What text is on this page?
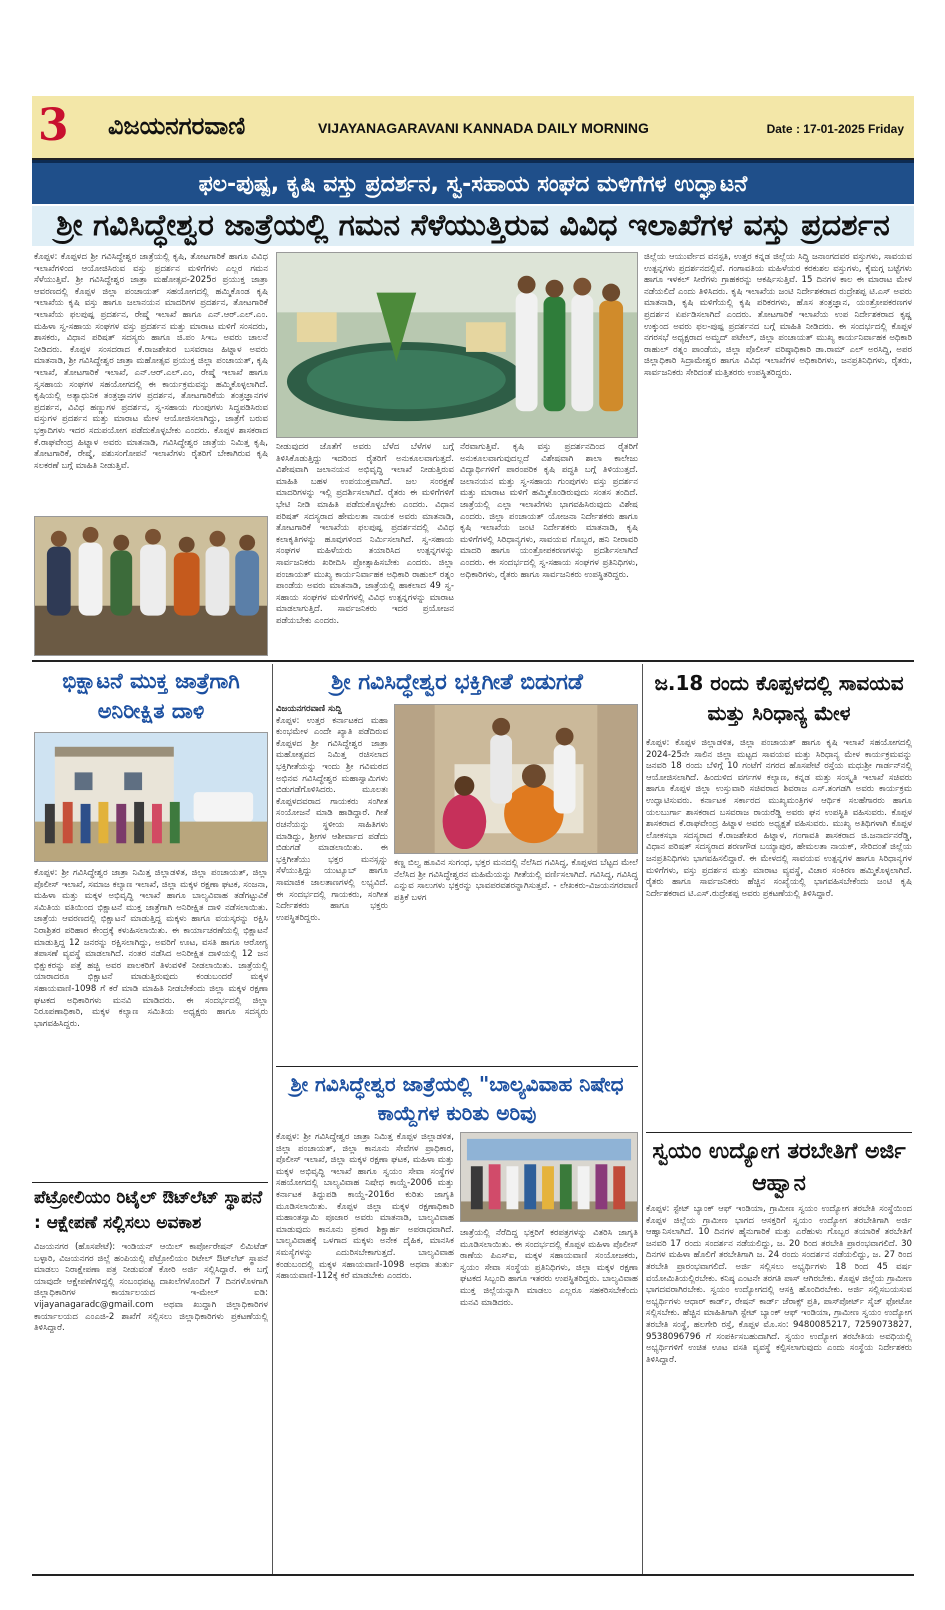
3 ವಿಜಯನಗರವಾಣಿ	VIJAYANAGARAVANI KANNADA DAILY MORNING	Date : 17-01-2025 Friday
ಫಲ-ಪುಷ್ಪ, ಕೃಷಿ ವಸ್ತು ಪ್ರದರ್ಶನ, ಸ್ವ-ಸಹಾಯ ಸಂಘದ ಮಳಿಗೆಗಳ ಉದ್ಘಾಟನೆ
ಶ್ರೀ ಗವಿಸಿದ್ಧೇಶ್ವರ ಜಾತ್ರೆಯಲ್ಲಿ ಗಮನ ಸೆಳೆಯುತ್ತಿರುವ ವಿವಿಧ ಇಲಾಖೆಗಳ ವಸ್ತು ಪ್ರದರ್ಶನ
ಕೊಪ್ಪಳ: ಕೊಪ್ಪಳದ ಶ್ರೀ ಗವಿಸಿದ್ಧೇಶ್ವರ ಜಾತ್ರೆಯಲ್ಲಿ ಕೃಷಿ, ತೋಟಗಾರಿಕೆ ಹಾಗೂ ವಿವಿಧ ಇಲಾಖೆಗಳಿಂದ ಆಯೋಜಿಸಿರುವ ವಸ್ತು ಪ್ರದರ್ಶನ ಮಳಿಗೆಗಳು ಎಲ್ಲರ ಗಮನ ಸೆಳೆಯುತ್ತಿವೆ. ಶ್ರೀ ಗವಿಸಿದ್ಧೇಶ್ವರ ಜಾತ್ರಾ ಮಹೋತ್ಸವ-2025ರ ಪ್ರಯುಕ್ತ ಜಾತ್ರಾ ಆವರಣದಲ್ಲಿ ಕೊಪ್ಪಳ ಜಿಲ್ಲಾ ಪಂಚಾಯತ್ ಸಹಯೋಗದಲ್ಲಿ ಹಮ್ಮಿಕೊಂಡ ಕೃಷಿ ಇಲಾಖೆಯ ಕೃಷಿ ವಸ್ತು ಹಾಗೂ ಜಲಾನಯನ ಮಾದರಿಗಳ ಪ್ರದರ್ಶನ, ತೋಟಗಾರಿಕೆ ಇಲಾಖೆಯ ಫಲಪುಷ್ಪ ಪ್ರದರ್ಶನ, ರೇಷ್ಮೆ ಇಲಾಖೆ ಹಾಗೂ ಎನ್.ಆರ್.ಎಲ್.ಎಂ. ಮಹಿಳಾ ಸ್ವ-ಸಹಾಯ ಸಂಘಗಳ ವಸ್ತು ಪ್ರದರ್ಶನ ಮತ್ತು ಮಾರಾಟ ಮಳಿಗೆ ಸಂಸದರು, ಶಾಸಕರು, ವಿಧಾನ ಪರಿಷತ್ ಸದಸ್ಯರು ಹಾಗೂ ಜಿ.ಪಂ ಸಿಇಒ ಅವರು ಚಾಲನೆ ನೀಡಿದರು. ಕೊಪ್ಪಳ ಸಂಸದರಾದ ಕೆ.ರಾಜಶೇಖರ ಬಸವರಾಜ ಹಿಟ್ನಾಳ ಅವರು ಮಾತನಾಡಿ, ಶ್ರೀ ಗವಿಸಿದ್ಧೇಶ್ವರ ಜಾತ್ರಾ ಮಹೋತ್ಸವ ಪ್ರಯುಕ್ತ ಜಿಲ್ಲಾ ಪಂಚಾಯತ್, ಕೃಷಿ ಇಲಾಖೆ, ತೋಟಗಾರಿಕೆ ಇಲಾಖೆ, ಎನ್.ಆರ್.ಎಲ್.ಎಂ, ರೇಷ್ಮೆ ಇಲಾಖೆ ಹಾಗೂ ಸ್ವಸಹಾಯ ಸಂಘಗಳ ಸಹಯೋಗದಲ್ಲಿ ಈ ಕಾರ್ಯಕ್ರಮವನ್ನು ಹಮ್ಮಿಕೊಳ್ಳಲಾಗಿದೆ. ಕೃಷಿಯಲ್ಲಿ ಅತ್ಯಾಧುನಿಕ ತಂತ್ರಜ್ಞಾನಗಳ ಪ್ರದರ್ಶನ, ತೋಟಗಾರಿಕೆಯ ತಂತ್ರಜ್ಞಾನಗಳ ಪ್ರದರ್ಶನ, ವಿವಿಧ ಹಣ್ಣುಗಳ ಪ್ರದರ್ಶನ, ಸ್ವ-ಸಹಾಯ ಗುಂಪುಗಳು ಸಿದ್ಧಪಡಿಸಿರುವ ವಸ್ತುಗಳ ಪ್ರದರ್ಶನ ಮತ್ತು ಮಾರಾಟ ಮೇಳ ಆಯೋಜಿಸಲಾಗಿದ್ದು, ಜಾತ್ರೆಗೆ ಬರುವ ಭಕ್ತಾದಿಗಳು ಇದರ ಸದುಪಯೋಗ ಪಡೆದುಕೊಳ್ಳಬೇಕು ಎಂದರು. ಕೊಪ್ಪಳ ಶಾಸಕರಾದ ಕೆ.ರಾಘವೇಂದ್ರ ಹಿಟ್ನಾಳ ಅವರು ಮಾತನಾಡಿ, ಗವಿಸಿದ್ಧೇಶ್ವರ ಜಾತ್ರೆಯ ನಿಮಿತ್ತ ಕೃಷಿ, ತೋಟಗಾರಿಕೆ, ರೇಷ್ಮೆ, ಪಶುಸಂಗೋಪನೆ ಇಲಾಖೆಗಳು ರೈತರಿಗೆ ಬೇಕಾಗಿರುವ ಕೃಷಿ ಸಲಕರಣೆ ಬಗ್ಗೆ ಮಾಹಿತಿ ನೀಡುತ್ತಿವೆ.
ನೀಡುವುದರ ಜೊತೆಗೆ ಅವರು ಬೆಳೆದ ಬೆಳೆಗಳ ಬಗ್ಗೆ ತಿಳಿಸಿಕೊಡುತ್ತಿದ್ದು ಇದರಿಂದ ರೈತರಿಗೆ ಅನುಕೂಲವಾಗುತ್ತದೆ. ವಿಶೇಷವಾಗಿ ಜಲಾನಯನ ಅಭಿವೃದ್ಧಿ ಇಲಾಖೆ ನೀಡುತ್ತಿರುವ ಮಾಹಿತಿ ಬಹಳ ಉಪಯುಕ್ತವಾಗಿದೆ. ಜಲ ಸಂರಕ್ಷಣೆ ಮಾದರಿಗಳನ್ನು ಇಲ್ಲಿ ಪ್ರದರ್ಶಿಸಲಾಗಿದೆ. ರೈತರು ಈ ಮಳಿಗೆಗಳಿಗೆ ಭೇಟಿ ನೀಡಿ ಮಾಹಿತಿ ಪಡೆದುಕೊಳ್ಳಬೇಕು ಎಂದರು. ವಿಧಾನ ಪರಿಷತ್ ಸದಸ್ಯರಾದ ಹೇಮಲತಾ ನಾಯಕ ಅವರು ಮಾತನಾಡಿ, ತೋಟಗಾರಿಕೆ ಇಲಾಖೆಯ ಫಲಪುಷ್ಪ ಪ್ರದರ್ಶನದಲ್ಲಿ ವಿವಿಧ ಕಲಾಕೃತಿಗಳನ್ನು ಹೂವುಗಳಿಂದ ನಿರ್ಮಿಸಲಾಗಿದೆ. ಸ್ವ-ಸಹಾಯ ಸಂಘಗಳ ಮಹಿಳೆಯರು ತಯಾರಿಸಿದ ಉತ್ಪನ್ನಗಳನ್ನು ಸಾರ್ವಜನಿಕರು ಖರೀದಿಸಿ ಪ್ರೋತ್ಸಾಹಿಸಬೇಕು ಎಂದರು. ಜಿಲ್ಲಾ ಪಂಚಾಯತ್ ಮುಖ್ಯ ಕಾರ್ಯನಿರ್ವಾಹಕ ಅಧಿಕಾರಿ ರಾಹುಲ್ ರತ್ನಂ ಪಾಂಡೆಯ ಅವರು ಮಾತನಾಡಿ, ಜಾತ್ರೆಯಲ್ಲಿ ಹಾಕಲಾದ 49 ಸ್ವ-ಸಹಾಯ ಸಂಘಗಳ ಮಳಿಗೆಗಳಲ್ಲಿ ವಿವಿಧ ಉತ್ಪನ್ನಗಳನ್ನು ಮಾರಾಟ ಮಾಡಲಾಗುತ್ತಿದೆ. ಸಾರ್ವಜನಿಕರು ಇದರ ಪ್ರಯೋಜನ ಪಡೆಯಬೇಕು ಎಂದರು.
ನೆರವಾಗುತ್ತಿವೆ. ಕೃಷಿ ವಸ್ತು ಪ್ರದರ್ಶನದಿಂದ ರೈತರಿಗೆ ಅನುಕೂಲವಾಗುವುದಲ್ಲದೆ ವಿಶೇಷವಾಗಿ ಶಾಲಾ ಕಾಲೇಜು ವಿದ್ಯಾರ್ಥಿಗಳಿಗೆ ಪಾರಂಪರಿಕ ಕೃಷಿ ಪದ್ಧತಿ ಬಗ್ಗೆ ತಿಳಿಯುತ್ತದೆ. ಜಲಾನಯನ ಮತ್ತು ಸ್ವ-ಸಹಾಯ ಗುಂಪುಗಳು ವಸ್ತು ಪ್ರದರ್ಶನ ಮತ್ತು ಮಾರಾಟ ಮಳಿಗೆ ಹಮ್ಮಿಕೊಂಡಿರುವುದು ಸಂತಸ ತಂದಿದೆ. ಜಾತ್ರೆಯಲ್ಲಿ ಎಲ್ಲಾ ಇಲಾಖೆಗಳು ಭಾಗವಹಿಸಿರುವುದು ವಿಶೇಷ ಎಂದರು. ಜಿಲ್ಲಾ ಪಂಚಾಯತ್ ಯೋಜನಾ ನಿರ್ದೇಶಕರು ಹಾಗೂ ಕೃಷಿ ಇಲಾಖೆಯ ಜಂಟಿ ನಿರ್ದೇಶಕರು ಮಾತನಾಡಿ, ಕೃಷಿ ಮಳಿಗೆಗಳಲ್ಲಿ ಸಿರಿಧಾನ್ಯಗಳು, ಸಾವಯವ ಗೊಬ್ಬರ, ಹನಿ ನೀರಾವರಿ ಮಾದರಿ ಹಾಗೂ ಯಂತ್ರೋಪಕರಣಗಳನ್ನು ಪ್ರದರ್ಶಿಸಲಾಗಿದೆ ಎಂದರು. ಈ ಸಂದರ್ಭದಲ್ಲಿ ಸ್ವ-ಸಹಾಯ ಸಂಘಗಳ ಪ್ರತಿನಿಧಿಗಳು, ಅಧಿಕಾರಿಗಳು, ರೈತರು ಹಾಗೂ ಸಾರ್ವಜನಿಕರು ಉಪಸ್ಥಿತರಿದ್ದರು.
ಜಿಲ್ಲೆಯ ಆಯುರ್ವೇದ ವನಸ್ಪತಿ, ಉತ್ತರ ಕನ್ನಡ ಜಿಲ್ಲೆಯ ಸಿದ್ಧಿ ಜನಾಂಗದವರ ವಸ್ತುಗಳು, ಸಾವಯವ ಉತ್ಪನ್ನಗಳು ಪ್ರದರ್ಶನದಲ್ಲಿವೆ. ಗಂಗಾವತಿಯ ಮಹಿಳೆಯರ ಕರಕುಶಲ ವಸ್ತುಗಳು, ಕೈಮಗ್ಗ ಬಟ್ಟೆಗಳು ಹಾಗೂ ಇಳಕಲ್ ಸೀರೆಗಳು ಗ್ರಾಹಕರನ್ನು ಆಕರ್ಷಿಸುತ್ತಿವೆ. 15 ದಿನಗಳ ಕಾಲ ಈ ಮಾರಾಟ ಮೇಳ ನಡೆಯಲಿದೆ ಎಂದು ತಿಳಿಸಿದರು. ಕೃಷಿ ಇಲಾಖೆಯ ಜಂಟಿ ನಿರ್ದೇಶಕರಾದ ರುದ್ರೇಶಪ್ಪ ಟಿ.ಎಸ್ ಅವರು ಮಾತನಾಡಿ, ಕೃಷಿ ಮಳಿಗೆಯಲ್ಲಿ ಕೃಷಿ ಪರಿಕರಗಳು, ಹೊಸ ತಂತ್ರಜ್ಞಾನ, ಯಂತ್ರೋಪಕರಣಗಳ ಪ್ರದರ್ಶನ ಏರ್ಪಡಿಸಲಾಗಿದೆ ಎಂದರು. ತೋಟಗಾರಿಕೆ ಇಲಾಖೆಯ ಉಪ ನಿರ್ದೇಶಕರಾದ ಕೃಷ್ಣ ಉಕ್ಕುಂದ ಅವರು ಫಲ-ಪುಷ್ಪ ಪ್ರದರ್ಶನದ ಬಗ್ಗೆ ಮಾಹಿತಿ ನೀಡಿದರು. ಈ ಸಂದರ್ಭದಲ್ಲಿ ಕೊಪ್ಪಳ ನಗರಸಭೆ ಅಧ್ಯಕ್ಷರಾದ ಅಮ್ಜದ್ ಪಟೇಲ್, ಜಿಲ್ಲಾ ಪಂಚಾಯತ್ ಮುಖ್ಯ ಕಾರ್ಯನಿರ್ವಾಹಕ ಅಧಿಕಾರಿ ರಾಹುಲ್ ರತ್ನಂ ಪಾಂಡೆಯ, ಜಿಲ್ಲಾ ಪೊಲೀಸ್ ವರಿಷ್ಠಾಧಿಕಾರಿ ಡಾ.ರಾಮ್ ಎಲ್ ಅರಸಿದ್ದಿ, ಅಪರ ಜಿಲ್ಲಾಧಿಕಾರಿ ಸಿದ್ರಾಮೇಶ್ವರ ಹಾಗೂ ವಿವಿಧ ಇಲಾಖೆಗಳ ಅಧಿಕಾರಿಗಳು, ಜನಪ್ರತಿನಿಧಿಗಳು, ರೈತರು, ಸಾರ್ವಜನಿಕರು ಸೇರಿದಂತೆ ಮತ್ತಿತರರು ಉಪಸ್ಥಿತರಿದ್ದರು.
ಭಿಕ್ಷಾಟನೆ ಮುಕ್ತ ಜಾತ್ರೆಗಾಗಿ ಅನಿರೀಕ್ಷಿತ ದಾಳಿ
ಕೊಪ್ಪಳ: ಶ್ರೀ ಗವಿಸಿದ್ಧೇಶ್ವರ ಜಾತ್ರಾ ನಿಮಿತ್ತ ಜಿಲ್ಲಾಡಳಿತ, ಜಿಲ್ಲಾ ಪಂಚಾಯತ್, ಜಿಲ್ಲಾ ಪೊಲೀಸ್ ಇಲಾಖೆ, ಸಮಾಜ ಕಲ್ಯಾಣ ಇಲಾಖೆ, ಜಿಲ್ಲಾ ಮಕ್ಕಳ ರಕ್ಷಣಾ ಘಟಕ, ಸಂಜನಾ, ಮಹಿಳಾ ಮತ್ತು ಮಕ್ಕಳ ಅಭಿವೃದ್ಧಿ ಇಲಾಖೆ ಹಾಗೂ ಬಾಲ್ಯವಿವಾಹ ತಡೆಗಟ್ಟುವಿಕೆ ಸಮಿತಿಯ ವತಿಯಿಂದ ಭಿಕ್ಷಾಟನೆ ಮುಕ್ತ ಜಾತ್ರೆಗಾಗಿ ಅನಿರೀಕ್ಷಿತ ದಾಳಿ ನಡೆಸಲಾಯಿತು. ಜಾತ್ರೆಯ ಆವರಣದಲ್ಲಿ ಭಿಕ್ಷಾಟನೆ ಮಾಡುತ್ತಿದ್ದ ಮಕ್ಕಳು ಹಾಗೂ ವಯಸ್ಕರನ್ನು ರಕ್ಷಿಸಿ ನಿರಾಶ್ರಿತರ ಪರಿಹಾರ ಕೇಂದ್ರಕ್ಕೆ ಕಳುಹಿಸಲಾಯಿತು. ಈ ಕಾರ್ಯಾಚರಣೆಯಲ್ಲಿ ಭಿಕ್ಷಾಟನೆ ಮಾಡುತ್ತಿದ್ದ 12 ಜನರನ್ನು ರಕ್ಷಿಸಲಾಗಿದ್ದು, ಅವರಿಗೆ ಊಟ, ವಸತಿ ಹಾಗೂ ಆರೋಗ್ಯ ತಪಾಸಣೆ ವ್ಯವಸ್ಥೆ ಮಾಡಲಾಗಿದೆ. ನಂತರ ನಡೆಸಿದ ಅನಿರೀಕ್ಷಿತ ದಾಳಿಯಲ್ಲಿ 12 ಜನ ಭಿಕ್ಷುಕರನ್ನು ಪತ್ತೆ ಹಚ್ಚಿ ಅವರ ಪಾಲಕರಿಗೆ ತಿಳುವಳಿಕೆ ನೀಡಲಾಯಿತು. ಜಾತ್ರೆಯಲ್ಲಿ ಯಾರಾದರೂ ಭಿಕ್ಷಾಟನೆ ಮಾಡುತ್ತಿರುವುದು ಕಂಡುಬಂದರೆ ಮಕ್ಕಳ ಸಹಾಯವಾಣಿ-1098 ಗೆ ಕರೆ ಮಾಡಿ ಮಾಹಿತಿ ನೀಡಬೇಕೆಂದು ಜಿಲ್ಲಾ ಮಕ್ಕಳ ರಕ್ಷಣಾ ಘಟಕದ ಅಧಿಕಾರಿಗಳು ಮನವಿ ಮಾಡಿದರು. ಈ ಸಂದರ್ಭದಲ್ಲಿ ಜಿಲ್ಲಾ ನಿರೂಪಣಾಧಿಕಾರಿ, ಮಕ್ಕಳ ಕಲ್ಯಾಣ ಸಮಿತಿಯ ಅಧ್ಯಕ್ಷರು ಹಾಗೂ ಸದಸ್ಯರು ಭಾಗವಹಿಸಿದ್ದರು.
ಪೆಟ್ರೋಲಿಯಂ ರಿಟೈಲ್ ಔಟ್‍ಲೆಟ್ ಸ್ಥಾಪನೆ : ಆಕ್ಷೇಪಣೆ ಸಲ್ಲಿಸಲು ಅವಕಾಶ
ವಿಜಯನಗರ (ಹೊಸಪೇಟೆ): ಇಂಡಿಯನ್ ಆಯಿಲ್ ಕಾರ್ಪೋರೇಷನ್ ಲಿಮಿಟೆಡ್ ಬಳ್ಳಾರಿ, ವಿಜಯನಗರ ಜಿಲ್ಲೆ ಹಂಪಿಯಲ್ಲಿ ಪೆಟ್ರೋಲಿಯಂ ರಿಟೇಲ್ ಔಟ್‍ಲೆಟ್ ಸ್ಥಾಪನೆ ಮಾಡಲು ನಿರಾಕ್ಷೇಪಣಾ ಪತ್ರ ನೀಡುವಂತೆ ಕೋರಿ ಅರ್ಜಿ ಸಲ್ಲಿಸಿದ್ದಾರೆ. ಈ ಬಗ್ಗೆ ಯಾವುದೇ ಆಕ್ಷೇಪಣೆಗಳಿದ್ದಲ್ಲಿ ಸಂಬಂಧಪಟ್ಟ ದಾಖಲೆಗಳೊಂದಿಗೆ 7 ದಿನಗಳೊಳಗಾಗಿ ಜಿಲ್ಲಾಧಿಕಾರಿಗಳ ಕಾರ್ಯಾಲಯದ ಇ-ಮೇಲ್ ಐಡಿ: vijayanagaradc@gmail.com ಅಥವಾ ಖುದ್ದಾಗಿ ಜಿಲ್ಲಾಧಿಕಾರಿಗಳ ಕಾರ್ಯಾಲಯದ ಎಂಎಜಿ-2 ಶಾಖೆಗೆ ಸಲ್ಲಿಸಲು ಜಿಲ್ಲಾಧಿಕಾರಿಗಳು ಪ್ರಕಟಣೆಯಲ್ಲಿ ತಿಳಿಸಿದ್ದಾರೆ.
ಶ್ರೀ ಗವಿಸಿದ್ಧೇಶ್ವರ ಭಕ್ತಿಗೀತೆ ಬಿಡುಗಡೆ
ವಿಜಯನಗರವಾಣಿ ಸುದ್ದಿ
ಕೊಪ್ಪಳ: ಉತ್ತರ ಕರ್ನಾಟಕದ ಮಹಾ ಕುಂಭಮೇಳ ಎಂದೇ ಖ್ಯಾತಿ ಪಡೆದಿರುವ ಕೊಪ್ಪಳದ ಶ್ರೀ ಗವಿಸಿದ್ಧೇಶ್ವರ ಜಾತ್ರಾ ಮಹೋತ್ಸವದ ನಿಮಿತ್ತ ರಚಿಸಲಾದ ಭಕ್ತಿಗೀತೆಯನ್ನು ಇಂದು ಶ್ರೀ ಗವಿಮಠದ ಅಭಿನವ ಗವಿಸಿದ್ಧೇಶ್ವರ ಮಹಾಸ್ವಾಮಿಗಳು ಬಿಡುಗಡೆಗೊಳಿಸಿದರು. ಮೂಲತಃ ಕೊಪ್ಪಳದವರಾದ ಗಾಯಕರು ಸಂಗೀತ ಸಂಯೋಜನೆ ಮಾಡಿ ಹಾಡಿದ್ದಾರೆ. ಗೀತೆ ರಚನೆಯನ್ನು ಸ್ಥಳೀಯ ಸಾಹಿತಿಗಳು ಮಾಡಿದ್ದು, ಶ್ರೀಗಳ ಆಶೀರ್ವಾದ ಪಡೆದು ಬಿಡುಗಡೆ ಮಾಡಲಾಯಿತು. ಈ ಭಕ್ತಿಗೀತೆಯು ಭಕ್ತರ ಮನಸ್ಸನ್ನು ಸೆಳೆಯುತ್ತಿದ್ದು ಯುಟ್ಯೂಬ್ ಹಾಗೂ ಸಾಮಾಜಿಕ ಜಾಲತಾಣಗಳಲ್ಲಿ ಲಭ್ಯವಿದೆ. ಈ ಸಂದರ್ಭದಲ್ಲಿ ಗಾಯಕರು, ಸಂಗೀತ ನಿರ್ದೇಶಕರು ಹಾಗೂ ಭಕ್ತರು ಉಪಸ್ಥಿತರಿದ್ದರು.
ಕಣ್ಣ ಬಿಲ್ವ ಹೂವಿನ ಸುಗಂಧ, ಭಕ್ತರ ಮನದಲ್ಲಿ ನೆಲೆಸಿದ ಗವಿಸಿದ್ಧ, ಕೊಪ್ಪಳದ ಬೆಟ್ಟದ ಮೇಲೆ ನೆಲೆಸಿದ ಶ್ರೀ ಗವಿಸಿದ್ಧೇಶ್ವರನ ಮಹಿಮೆಯನ್ನು ಗೀತೆಯಲ್ಲಿ ವರ್ಣಿಸಲಾಗಿದೆ. ಗವಿಸಿದ್ಧ, ಗವಿಸಿದ್ಧ ಎನ್ನುವ ಸಾಲುಗಳು ಭಕ್ತರನ್ನು ಭಾವಪರವಶರನ್ನಾಗಿಸುತ್ತವೆ. - ಲೇಖಕರು-ವಿಜಯನಗರವಾಣಿ ಪತ್ರಿಕೆ ಬಳಗ
ಶ್ರೀ ಗವಿಸಿದ್ಧೇಶ್ವರ ಜಾತ್ರೆಯಲ್ಲಿ "ಬಾಲ್ಯವಿವಾಹ ನಿಷೇಧ ಕಾಯ್ದೆಗಳ ಕುರಿತು ಅರಿವು
ಕೊಪ್ಪಳ: ಶ್ರೀ ಗವಿಸಿದ್ಧೇಶ್ವರ ಜಾತ್ರಾ ನಿಮಿತ್ತ ಕೊಪ್ಪಳ ಜಿಲ್ಲಾಡಳಿತ, ಜಿಲ್ಲಾ ಪಂಚಾಯತ್, ಜಿಲ್ಲಾ ಕಾನೂನು ಸೇವೆಗಳ ಪ್ರಾಧಿಕಾರ, ಪೊಲೀಸ್ ಇಲಾಖೆ, ಜಿಲ್ಲಾ ಮಕ್ಕಳ ರಕ್ಷಣಾ ಘಟಕ, ಮಹಿಳಾ ಮತ್ತು ಮಕ್ಕಳ ಅಭಿವೃದ್ಧಿ ಇಲಾಖೆ ಹಾಗೂ ಸ್ವಯಂ ಸೇವಾ ಸಂಸ್ಥೆಗಳ ಸಹಯೋಗದಲ್ಲಿ ಬಾಲ್ಯವಿವಾಹ ನಿಷೇಧ ಕಾಯ್ದೆ-2006 ಮತ್ತು ಕರ್ನಾಟಕ ತಿದ್ದುಪಡಿ ಕಾಯ್ದೆ-2016ರ ಕುರಿತು ಜಾಗೃತಿ ಮೂಡಿಸಲಾಯಿತು. ಕೊಪ್ಪಳ ಜಿಲ್ಲಾ ಮಕ್ಕಳ ರಕ್ಷಣಾಧಿಕಾರಿ ಮಹಾಂತಸ್ವಾಮಿ ಪೂಜಾರ ಅವರು ಮಾತನಾಡಿ, ಬಾಲ್ಯವಿವಾಹ ಮಾಡುವುದು ಕಾನೂನು ಪ್ರಕಾರ ಶಿಕ್ಷಾರ್ಹ ಅಪರಾಧವಾಗಿದೆ. ಬಾಲ್ಯವಿವಾಹಕ್ಕೆ ಒಳಗಾದ ಮಕ್ಕಳು ಅನೇಕ ದೈಹಿಕ, ಮಾನಸಿಕ ಸಮಸ್ಯೆಗಳನ್ನು ಎದುರಿಸಬೇಕಾಗುತ್ತದೆ. ಬಾಲ್ಯವಿವಾಹ ಕಂಡುಬಂದಲ್ಲಿ ಮಕ್ಕಳ ಸಹಾಯವಾಣಿ-1098 ಅಥವಾ ತುರ್ತು ಸಹಾಯವಾಣಿ-112ಕ್ಕೆ ಕರೆ ಮಾಡಬೇಕು ಎಂದರು.
ಜಾತ್ರೆಯಲ್ಲಿ ನೆರೆದಿದ್ದ ಭಕ್ತರಿಗೆ ಕರಪತ್ರಗಳನ್ನು ವಿತರಿಸಿ ಜಾಗೃತಿ ಮೂಡಿಸಲಾಯಿತು. ಈ ಸಂದರ್ಭದಲ್ಲಿ ಕೊಪ್ಪಳ ಮಹಿಳಾ ಪೊಲೀಸ್ ಠಾಣೆಯ ಪಿಎಸ್ಐ, ಮಕ್ಕಳ ಸಹಾಯವಾಣಿ ಸಂಯೋಜಕರು, ಸ್ವಯಂ ಸೇವಾ ಸಂಸ್ಥೆಯ ಪ್ರತಿನಿಧಿಗಳು, ಜಿಲ್ಲಾ ಮಕ್ಕಳ ರಕ್ಷಣಾ ಘಟಕದ ಸಿಬ್ಬಂದಿ ಹಾಗೂ ಇತರರು ಉಪಸ್ಥಿತರಿದ್ದರು. ಬಾಲ್ಯವಿವಾಹ ಮುಕ್ತ ಜಿಲ್ಲೆಯನ್ನಾಗಿ ಮಾಡಲು ಎಲ್ಲರೂ ಸಹಕರಿಸಬೇಕೆಂದು ಮನವಿ ಮಾಡಿದರು.
ಜ.18 ರಂದು ಕೊಪ್ಪಳದಲ್ಲಿ ಸಾವಯವ ಮತ್ತು ಸಿರಿಧಾನ್ಯ ಮೇಳ
ಕೊಪ್ಪಳ: ಕೊಪ್ಪಳ ಜಿಲ್ಲಾಡಳಿತ, ಜಿಲ್ಲಾ ಪಂಚಾಯತ್ ಹಾಗೂ ಕೃಷಿ ಇಲಾಖೆ ಸಹಯೋಗದಲ್ಲಿ 2024-25ನೇ ಸಾಲಿನ ಜಿಲ್ಲಾ ಮಟ್ಟದ ಸಾವಯವ ಮತ್ತು ಸಿರಿಧಾನ್ಯ ಮೇಳ ಕಾರ್ಯಕ್ರಮವನ್ನು ಜನವರಿ 18 ರಂದು ಬೆಳಿಗ್ಗೆ 10 ಗಂಟೆಗೆ ನಗರದ ಹೊಸಪೇಟೆ ರಸ್ತೆಯ ಮಧುಶ್ರೀ ಗಾರ್ಡನ್‍ನಲ್ಲಿ ಆಯೋಜಿಸಲಾಗಿದೆ. ಹಿಂದುಳಿದ ವರ್ಗಗಳ ಕಲ್ಯಾಣ, ಕನ್ನಡ ಮತ್ತು ಸಂಸ್ಕೃತಿ ಇಲಾಖೆ ಸಚಿವರು ಹಾಗೂ ಕೊಪ್ಪಳ ಜಿಲ್ಲಾ ಉಸ್ತುವಾರಿ ಸಚಿವರಾದ ಶಿವರಾಜ ಎಸ್.ತಂಗಡಗಿ ಅವರು ಕಾರ್ಯಕ್ರಮ ಉದ್ಘಾಟಿಸುವರು. ಕರ್ನಾಟಕ ಸರ್ಕಾರದ ಮುಖ್ಯಮಂತ್ರಿಗಳ ಆರ್ಥಿಕ ಸಲಹೆಗಾರರು ಹಾಗೂ ಯಲಬುರ್ಗಾ ಶಾಸಕರಾದ ಬಸವರಾಜ ರಾಯರೆಡ್ಡಿ ಅವರು ಘನ ಉಪಸ್ಥಿತಿ ವಹಿಸುವರು. ಕೊಪ್ಪಳ ಶಾಸಕರಾದ ಕೆ.ರಾಘವೇಂದ್ರ ಹಿಟ್ನಾಳ ಅವರು ಅಧ್ಯಕ್ಷತೆ ವಹಿಸುವರು. ಮುಖ್ಯ ಅತಿಥಿಗಳಾಗಿ ಕೊಪ್ಪಳ ಲೋಕಸಭಾ ಸದಸ್ಯರಾದ ಕೆ.ರಾಜಶೇಖರ ಹಿಟ್ನಾಳ, ಗಂಗಾವತಿ ಶಾಸಕರಾದ ಜಿ.ಜನಾರ್ದನರೆಡ್ಡಿ, ವಿಧಾನ ಪರಿಷತ್ ಸದಸ್ಯರಾದ ಶರಣಗೌಡ ಬಯ್ಯಾಪುರ, ಹೇಮಲತಾ ನಾಯಕ್, ಸೇರಿದಂತೆ ಜಿಲ್ಲೆಯ ಜನಪ್ರತಿನಿಧಿಗಳು ಭಾಗವಹಿಸಲಿದ್ದಾರೆ. ಈ ಮೇಳದಲ್ಲಿ ಸಾವಯವ ಉತ್ಪನ್ನಗಳ ಹಾಗೂ ಸಿರಿಧಾನ್ಯಗಳ ಮಳಿಗೆಗಳು, ವಸ್ತು ಪ್ರದರ್ಶನ ಮತ್ತು ಮಾರಾಟ ವ್ಯವಸ್ಥೆ, ವಿಚಾರ ಸಂಕಿರಣ ಹಮ್ಮಿಕೊಳ್ಳಲಾಗಿದೆ. ರೈತರು ಹಾಗೂ ಸಾರ್ವಜನಿಕರು ಹೆಚ್ಚಿನ ಸಂಖ್ಯೆಯಲ್ಲಿ ಭಾಗವಹಿಸಬೇಕೆಂದು ಜಂಟಿ ಕೃಷಿ ನಿರ್ದೇಶಕರಾದ ಟಿ.ಎಸ್.ರುದ್ರೇಶಪ್ಪ ಅವರು ಪ್ರಕಟಣೆಯಲ್ಲಿ ತಿಳಿಸಿದ್ದಾರೆ.
ಸ್ವಯಂ ಉದ್ಯೋಗ ತರಬೇತಿಗೆ ಅರ್ಜಿ ಆಹ್ವಾನ
ಕೊಪ್ಪಳ: ಸ್ಟೇಟ್ ಬ್ಯಾಂಕ್ ಆಫ್ ಇಂಡಿಯಾ, ಗ್ರಾಮೀಣ ಸ್ವಯಂ ಉದ್ಯೋಗ ತರಬೇತಿ ಸಂಸ್ಥೆಯಿಂದ ಕೊಪ್ಪಳ ಜಿಲ್ಲೆಯ ಗ್ರಾಮೀಣ ಭಾಗದ ಆಸಕ್ತರಿಗೆ ಸ್ವಯಂ ಉದ್ಯೋಗ ತರಬೇತಿಗಾಗಿ ಅರ್ಜಿ ಆಹ್ವಾನಿಸಲಾಗಿದೆ. 10 ದಿನಗಳ ಹೈನುಗಾರಿಕೆ ಮತ್ತು ಎರೆಹುಳು ಗೊಬ್ಬರ ತಯಾರಿಕೆ ತರಬೇತಿಗೆ ಜನವರಿ 17 ರಂದು ಸಂದರ್ಶನ ನಡೆಯಲಿದ್ದು, ಜ. 20 ರಿಂದ ತರಬೇತಿ ಪ್ರಾರಂಭವಾಗಲಿದೆ. 30 ದಿನಗಳ ಮಹಿಳಾ ಹೊಲಿಗೆ ತರಬೇತಿಗಾಗಿ ಜ. 24 ರಂದು ಸಂದರ್ಶನ ನಡೆಯಲಿದ್ದು, ಜ. 27 ರಿಂದ ತರಬೇತಿ ಪ್ರಾರಂಭವಾಗಲಿದೆ. ಅರ್ಜಿ ಸಲ್ಲಿಸಲು ಅಭ್ಯರ್ಥಿಗಳು 18 ರಿಂದ 45 ವರ್ಷ ವಯೋಮಿತಿಯಲ್ಲಿರಬೇಕು. ಕನಿಷ್ಠ ಎಂಟನೇ ತರಗತಿ ಪಾಸ್ ಆಗಿರಬೇಕು. ಕೊಪ್ಪಳ ಜಿಲ್ಲೆಯ ಗ್ರಾಮೀಣ ಭಾಗದವರಾಗಿರಬೇಕು. ಸ್ವಯಂ ಉದ್ಯೋಗದಲ್ಲಿ ಆಸಕ್ತಿ ಹೊಂದಿರಬೇಕು. ಅರ್ಜಿ ಸಲ್ಲಿಸಬಯಸುವ ಅಭ್ಯರ್ಥಿಗಳು ಆಧಾರ್ ಕಾರ್ಡ್, ರೇಷನ್ ಕಾರ್ಡ್ ಜೆರಾಕ್ಸ್ ಪ್ರತಿ, ಪಾಸ್‍ಪೋರ್ಟ್ ಸೈಜ್ ಫೋಟೋ ಸಲ್ಲಿಸಬೇಕು. ಹೆಚ್ಚಿನ ಮಾಹಿತಿಗಾಗಿ ಸ್ಟೇಟ್ ಬ್ಯಾಂಕ್ ಆಫ್ ಇಂಡಿಯಾ, ಗ್ರಾಮೀಣ ಸ್ವಯಂ ಉದ್ಯೋಗ ತರಬೇತಿ ಸಂಸ್ಥೆ, ಹಲಗೇರಿ ರಸ್ತೆ, ಕೊಪ್ಪಳ ಮೊ.ಸಂ: 9480085217, 7259073827, 9538096796 ಗೆ ಸಂಪರ್ಕಿಸಬಹುದಾಗಿದೆ. ಸ್ವಯಂ ಉದ್ಯೋಗ ತರಬೇತಿಯ ಅವಧಿಯಲ್ಲಿ ಅಭ್ಯರ್ಥಿಗಳಿಗೆ ಉಚಿತ ಊಟ ವಸತಿ ವ್ಯವಸ್ಥೆ ಕಲ್ಪಿಸಲಾಗುವುದು ಎಂದು ಸಂಸ್ಥೆಯ ನಿರ್ದೇಶಕರು ತಿಳಿಸಿದ್ದಾರೆ.
